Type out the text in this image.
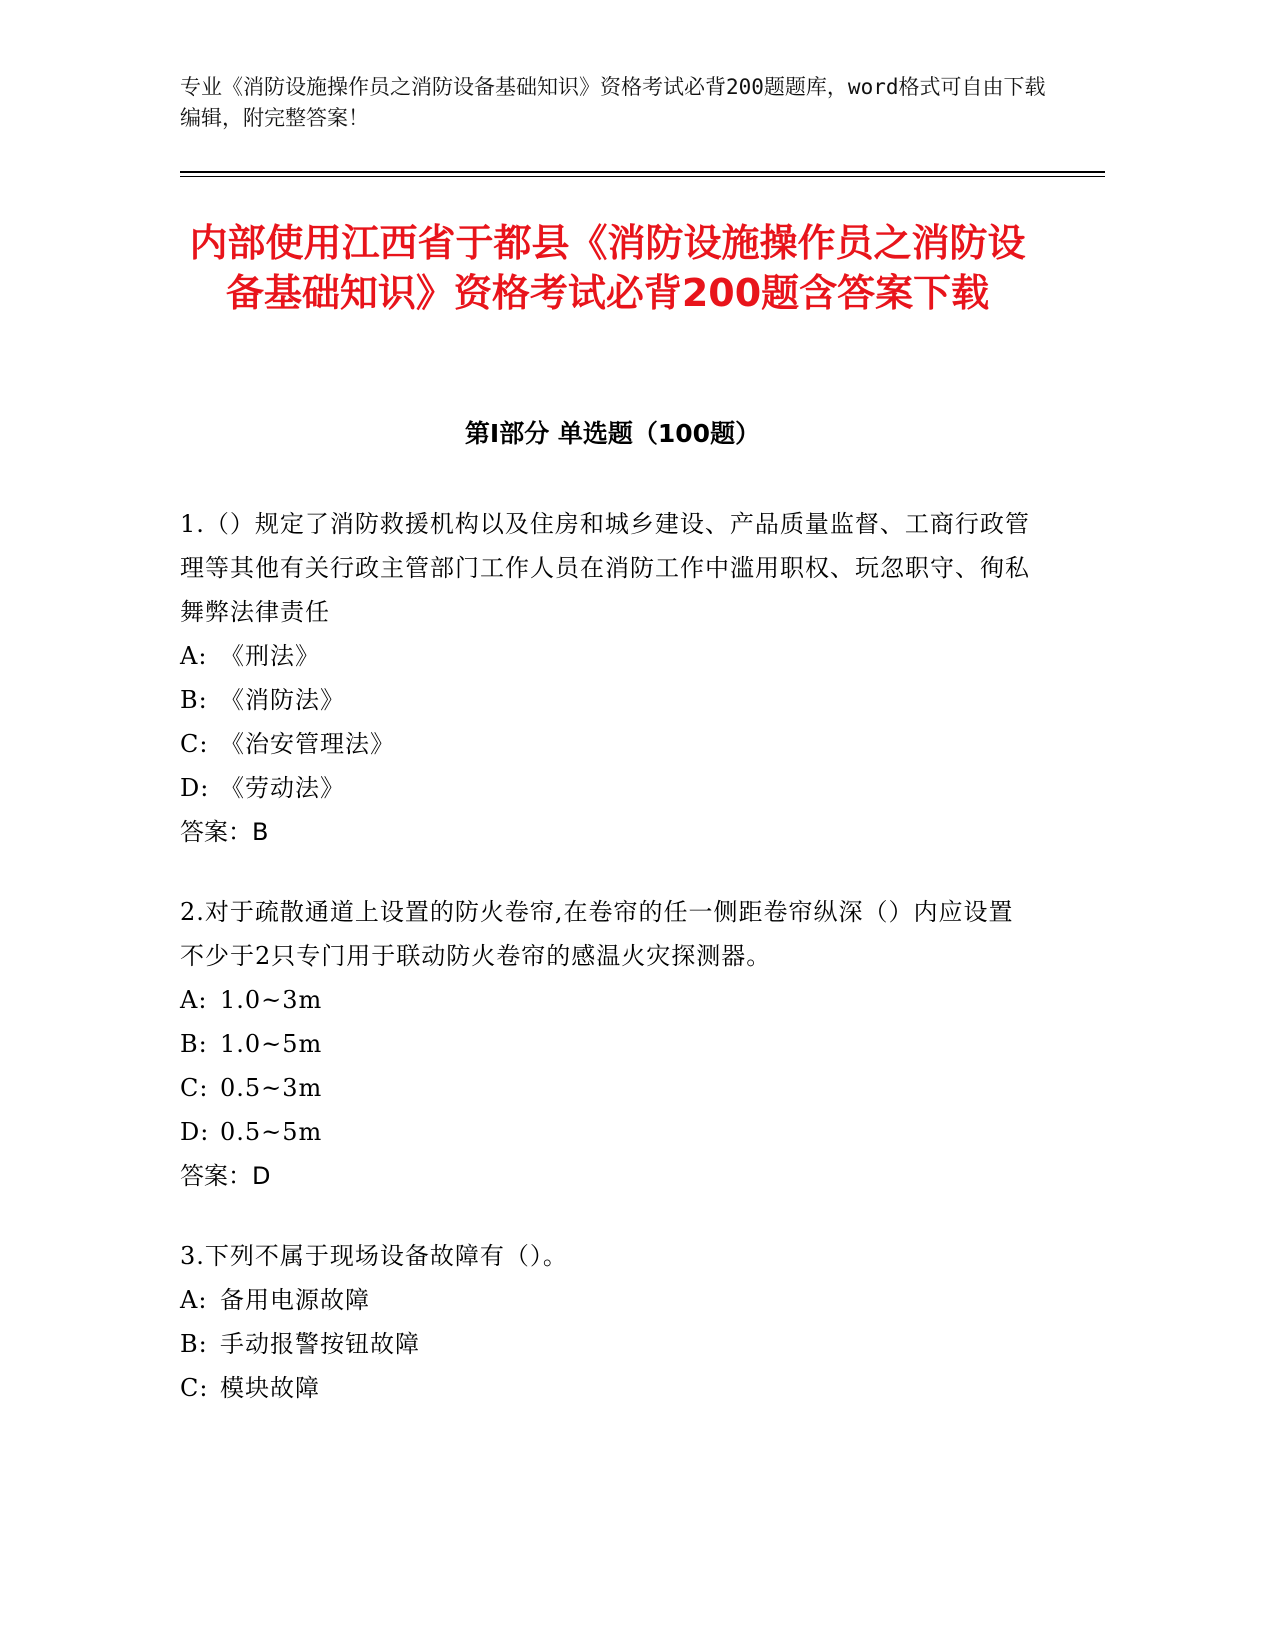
专业《消防设施操作员之消防设备基础知识》资格考试必背200题题库，word格式可自由下载编辑，附完整答案！
内部使用江西省于都县《消防设施操作员之消防设备基础知识》资格考试必背200题含答案下载
第Ⅰ部分 单选题（100题）
1.（）规定了消防救援机构以及住房和城乡建设、产品质量监督、工商行政管理等其他有关行政主管部门工作人员在消防工作中滥用职权、玩忽职守、徇私舞弊法律责任
A: 《刑法》
B: 《消防法》
C: 《治安管理法》
D: 《劳动法》
答案：B
2.对于疏散通道上设置的防火卷帘,在卷帘的任一侧距卷帘纵深（）内应设置不少于2只专门用于联动防火卷帘的感温火灾探测器。
A: 1.0~3m
B: 1.0~5m
C: 0.5~3m
D: 0.5~5m
答案：D
3.下列不属于现场设备故障有（）。
A: 备用电源故障
B: 手动报警按钮故障
C: 模块故障
